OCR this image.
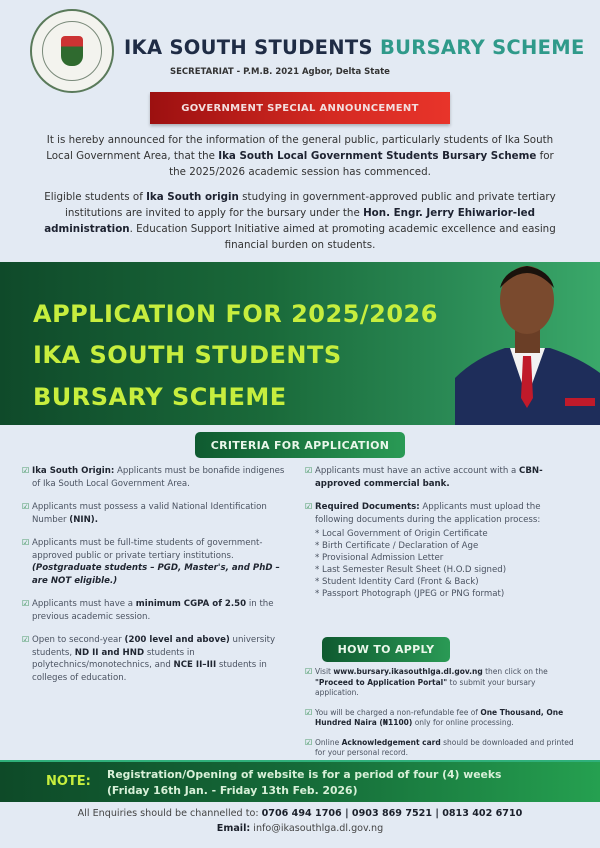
IKA SOUTH STUDENTS BURSARY SCHEME
SECRETARIAT - P.M.B. 2021 Agbor, Delta State
GOVERNMENT SPECIAL ANNOUNCEMENT
It is hereby announced for the information of the general public, particularly students of Ika South Local Government Area, that the Ika South Local Government Students Bursary Scheme for the 2025/2026 academic session has commenced.
Eligible students of Ika South origin studying in government-approved public and private tertiary institutions are invited to apply for the bursary under the Hon. Engr. Jerry Ehiwarior-led administration. Education Support Initiative aimed at promoting academic excellence and easing financial burden on students.
APPLICATION FOR 2025/2026
IKA SOUTH STUDENTS
BURSARY SCHEME
CRITERIA FOR APPLICATION
☑ Ika South Origin: Applicants must be bonafide indigenes of Ika South Local Government Area.
☑ Applicants must possess a valid National Identification Number (NIN).
☑ Applicants must be full-time students of government-approved public or private tertiary institutions. (Postgraduate students – PGD, Master's, and PhD – are NOT eligible.)
☑ Applicants must have a minimum CGPA of 2.50 in the previous academic session.
☑ Open to second-year (200 level and above) university students, ND II and HND students in polytechnics/monotechnics, and NCE II–III students in colleges of education.
☑ Applicants must have an active account with a CBN-approved commercial bank.
☑ Required Documents: Applicants must upload the following documents during the application process:
* Local Government of Origin Certificate
* Birth Certificate / Declaration of Age
* Provisional Admission Letter
* Last Semester Result Sheet (H.O.D signed)
* Student Identity Card (Front & Back)
* Passport Photograph (JPEG or PNG format)
HOW TO APPLY
☑ Visit www.bursary.ikasouthlga.dl.gov.ng then click on the "Proceed to Application Portal" to submit your bursary application.
☑ You will be charged a non-refundable fee of One Thousand, One Hundred Naira (₦1100) only for online processing.
☑ Online Acknowledgement card should be downloaded and printed for your personal record.
NOTE: Registration/Opening of website is for a period of four (4) weeks
(Friday 16th Jan. - Friday 13th Feb. 2026)
All Enquiries should be channelled to: 0706 494 1706 | 0903 869 7521 | 0813 402 6710
Email: info@ikasouthlga.dl.gov.ng
